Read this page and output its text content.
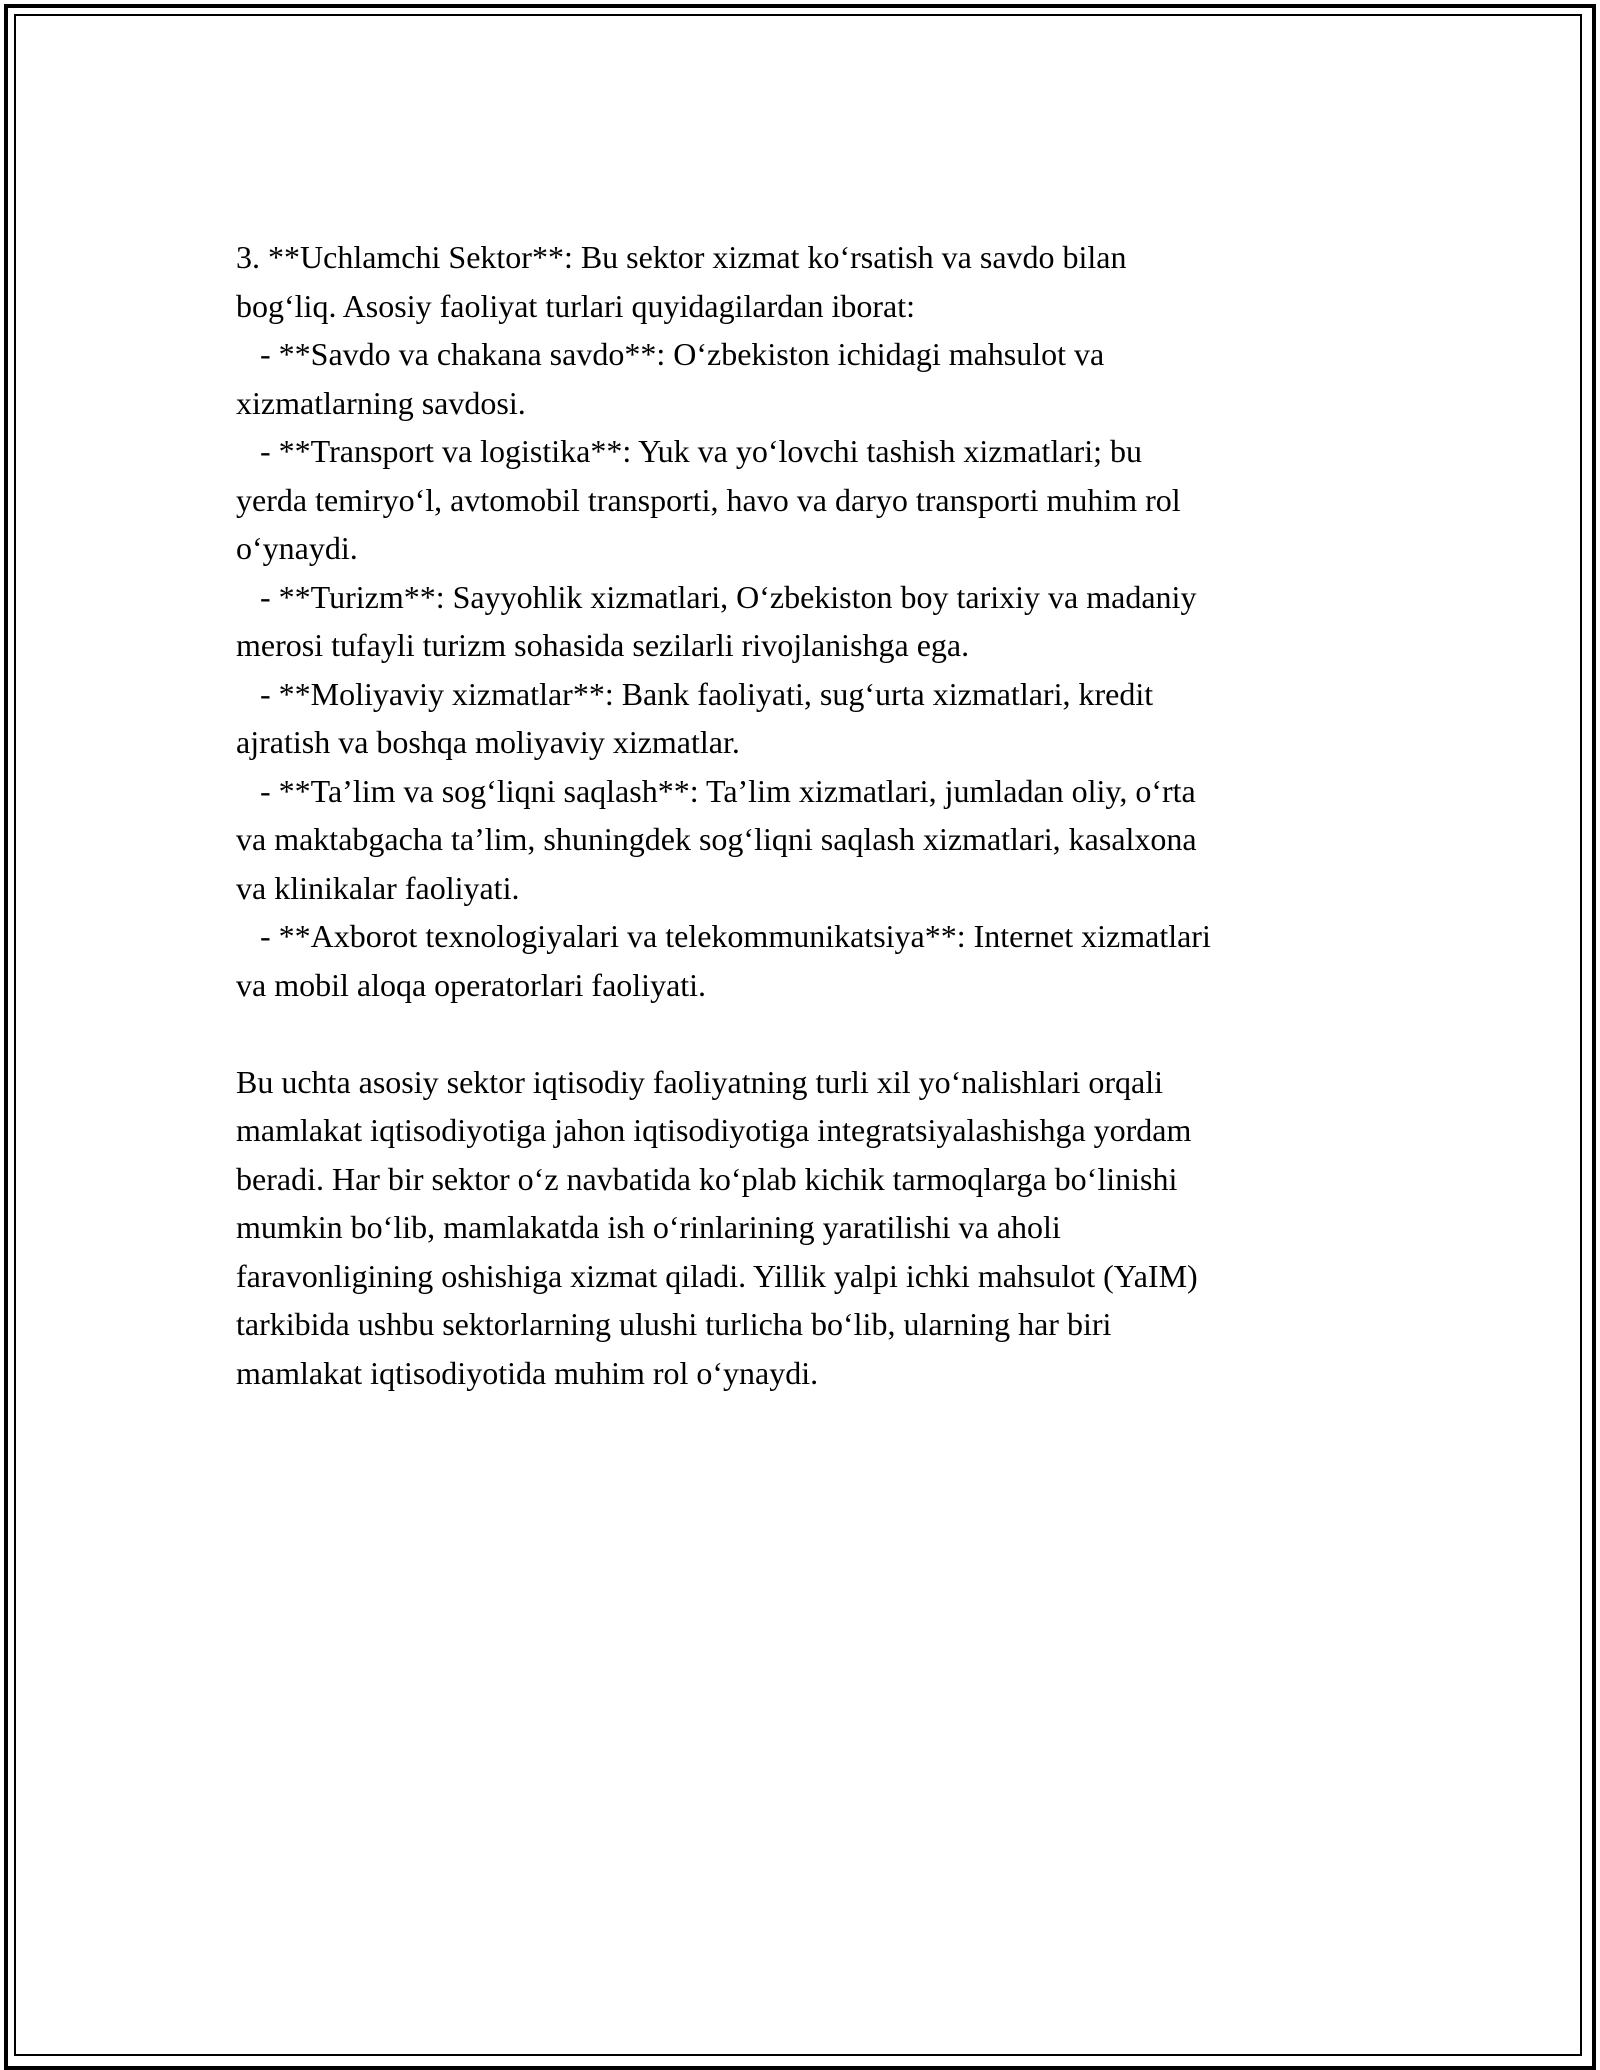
3. **Uchlamchi Sektor**: Bu sektor xizmat ko‘rsatish va savdo bilan
bog‘liq. Asosiy faoliyat turlari quyidagilardan iborat:
- **Savdo va chakana savdo**: O‘zbekiston ichidagi mahsulot va
xizmatlarning savdosi.
- **Transport va logistika**: Yuk va yo‘lovchi tashish xizmatlari; bu
yerda temiryo‘l, avtomobil transporti, havo va daryo transporti muhim rol
o‘ynaydi.
- **Turizm**: Sayyohlik xizmatlari, O‘zbekiston boy tarixiy va madaniy
merosi tufayli turizm sohasida sezilarli rivojlanishga ega.
- **Moliyaviy xizmatlar**: Bank faoliyati, sug‘urta xizmatlari, kredit
ajratish va boshqa moliyaviy xizmatlar.
- **Ta’lim va sog‘liqni saqlash**: Ta’lim xizmatlari, jumladan oliy, o‘rta
va maktabgacha ta’lim, shuningdek sog‘liqni saqlash xizmatlari, kasalxona
va klinikalar faoliyati.
- **Axborot texnologiyalari va telekommunikatsiya**: Internet xizmatlari
va mobil aloqa operatorlari faoliyati.
Bu uchta asosiy sektor iqtisodiy faoliyatning turli xil yo‘nalishlari orqali
mamlakat iqtisodiyotiga jahon iqtisodiyotiga integratsiyalashishga yordam
beradi. Har bir sektor o‘z navbatida ko‘plab kichik tarmoqlarga bo‘linishi
mumkin bo‘lib, mamlakatda ish o‘rinlarining yaratilishi va aholi
faravonligining oshishiga xizmat qiladi. Yillik yalpi ichki mahsulot (YaIM)
tarkibida ushbu sektorlarning ulushi turlicha bo‘lib, ularning har biri
mamlakat iqtisodiyotida muhim rol o‘ynaydi.
